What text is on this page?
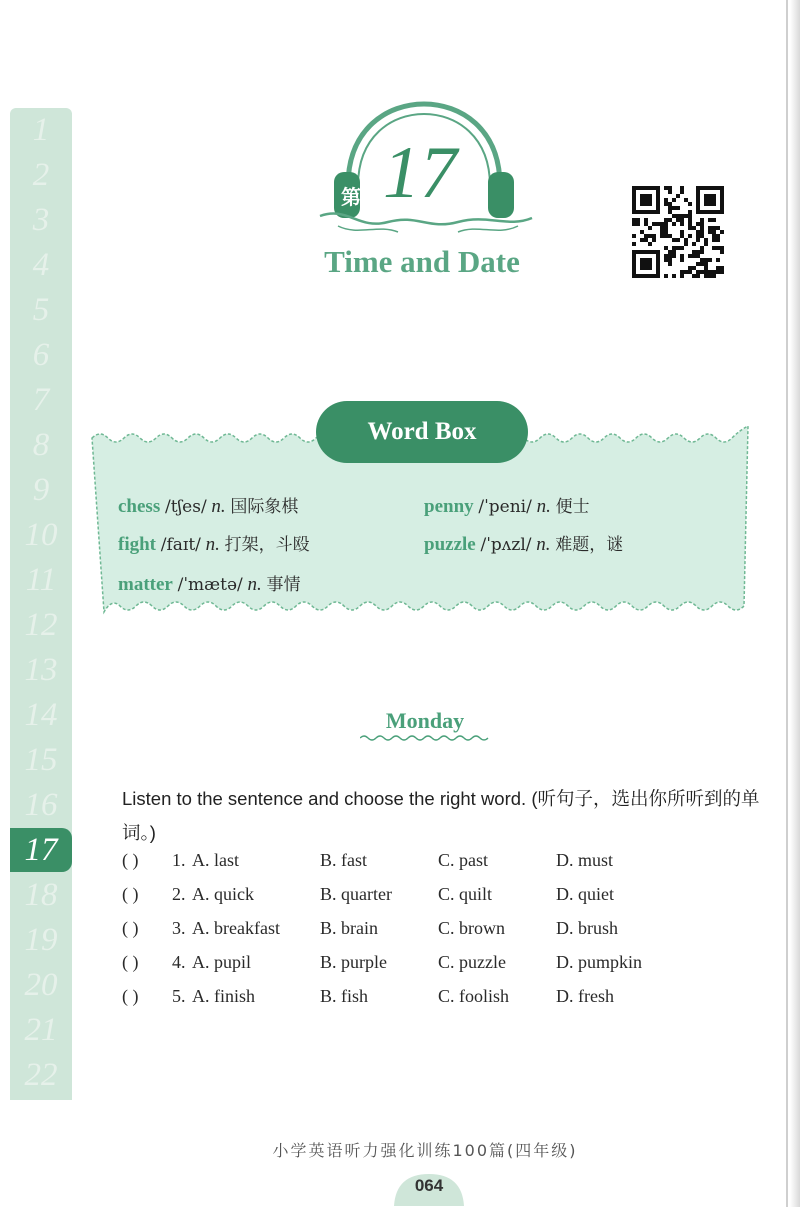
1
2
3
4
5
6
7
8
9
10
11
12
13
14
15
16
17
18
19
20
21
22
第 17
周
Time and Date
Word Box
chess /tʃes/ n. 国际象棋	penny /ˈpeni/ n. 便士
fight /faɪt/ n. 打架，斗殴	puzzle /ˈpʌzl/ n. 难题，谜
matter /ˈmætə/ n. 事情
Monday
Listen to the sentence and choose the right word. (听句子，选出你所听到的单词。)
( ) 1. A. last	B. fast	C. past	D. must
( ) 2. A. quick	B. quarter	C. quilt	D. quiet
( ) 3. A. breakfast B. brain	C. brown	D. brush
( ) 4. A. pupil	B. purple	C. puzzle	D. pumpkin
( ) 5. A. finish	B. fish	C. foolish	D. fresh
小学英语听力强化训练100篇(四年级)
064
